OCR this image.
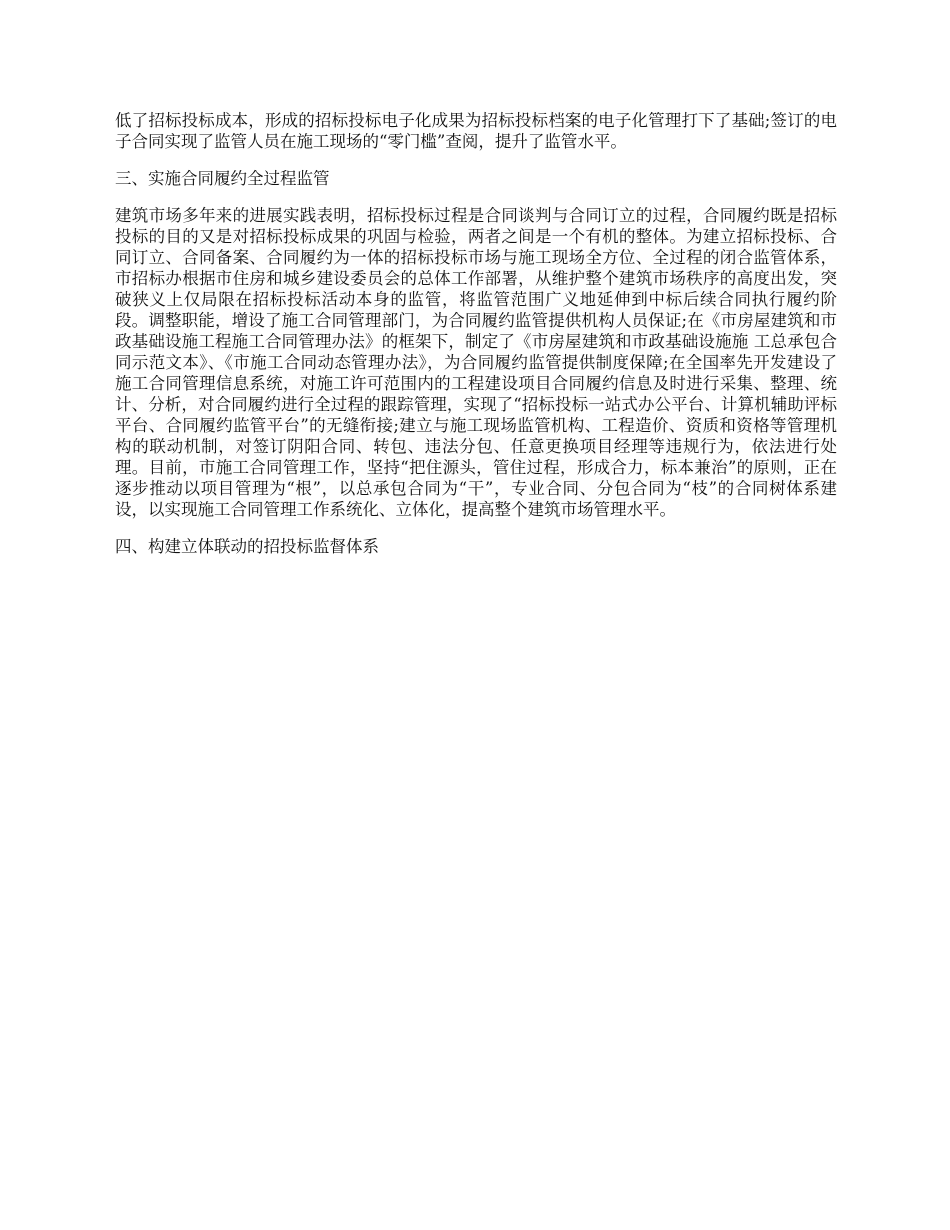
低了招标投标成本，形成的招标投标电子化成果为招标投标档案的电子化管理打下了基础;签订的电子合同实现了监管人员在施工现场的“零门槛”查阅，提升了监管水平。

三、实施合同履约全过程监管

建筑市场多年来的进展实践表明，招标投标过程是合同谈判与合同订立的过程，合同履约既是招标投标的目的又是对招标投标成果的巩固与检验，两者之间是一个有机的整体。为建立招标投标、合同订立、合同备案、合同履约为一体的招标投标市场与施工现场全方位、全过程的闭合监管体系，市招标办根据市住房和城乡建设委员会的总体工作部署，从维护整个建筑市场秩序的高度出发，突破狭义上仅局限在招标投标活动本身的监管，将监管范围广义地延伸到中标后续合同执行履约阶段。调整职能，增设了施工合同管理部门，为合同履约监管提供机构人员保证;在《市房屋建筑和市政基础设施工程施工合同管理办法》的框架下，制定了《市房屋建筑和市政基础设施施 工总承包合同示范文本》、《市施工合同动态管理办法》，为合同履约监管提供制度保障;在全国率先开发建设了施工合同管理信息系统，对施工许可范围内的工程建设项目合同履约信息及时进行采集、整理、统计、分析，对合同履约进行全过程的跟踪管理，实现了“招标投标一站式办公平台、计算机辅助评标平台、合同履约监管平台”的无缝衔接;建立与施工现场监管机构、工程造价、资质和资格等管理机构的联动机制，对签订阴阳合同、转包、违法分包、任意更换项目经理等违规行为，依法进行处理。目前，市施工合同管理工作，坚持“把住源头，管住过程，形成合力，标本兼治”的原则，正在逐步推动以项目管理为“根”，以总承包合同为“干”，专业合同、分包合同为“枝”的合同树体系建设，以实现施工合同管理工作系统化、立体化，提高整个建筑市场管理水平。

四、构建立体联动的招投标监督体系
